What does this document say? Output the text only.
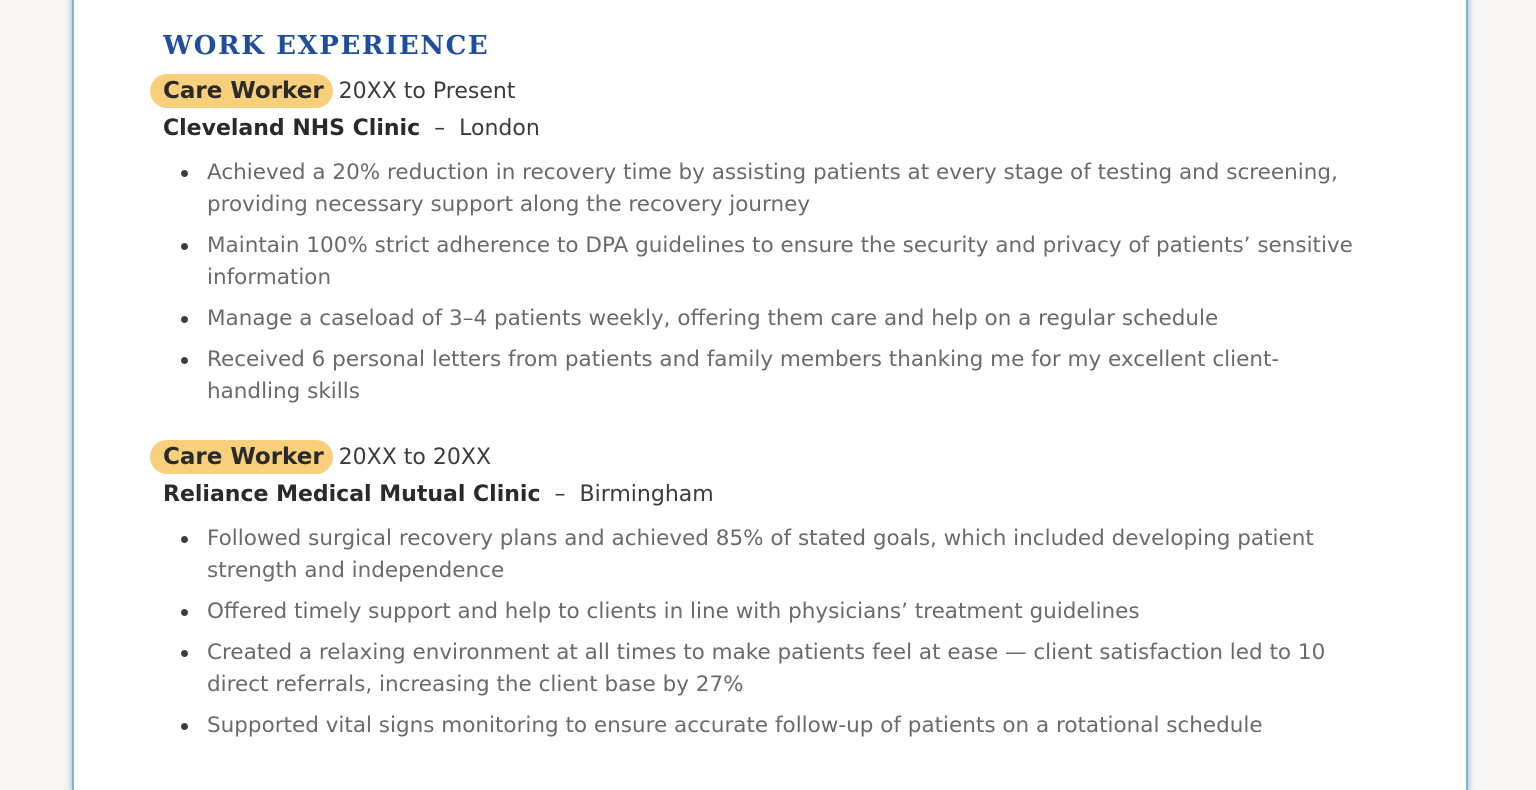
WORK EXPERIENCE
Care Worker 20XX to Present
Cleveland NHS Clinic – London
Achieved a 20% reduction in recovery time by assisting patients at every stage of testing and screening, providing necessary support along the recovery journey
Maintain 100% strict adherence to DPA guidelines to ensure the security and privacy of patients’ sensitive information
Manage a caseload of 3–4 patients weekly, offering them care and help on a regular schedule
Received 6 personal letters from patients and family members thanking me for my excellent client-handling skills
Care Worker 20XX to 20XX
Reliance Medical Mutual Clinic – Birmingham
Followed surgical recovery plans and achieved 85% of stated goals, which included developing patient strength and independence
Offered timely support and help to clients in line with physicians’ treatment guidelines
Created a relaxing environment at all times to make patients feel at ease — client satisfaction led to 10 direct referrals, increasing the client base by 27%
Supported vital signs monitoring to ensure accurate follow-up of patients on a rotational schedule
